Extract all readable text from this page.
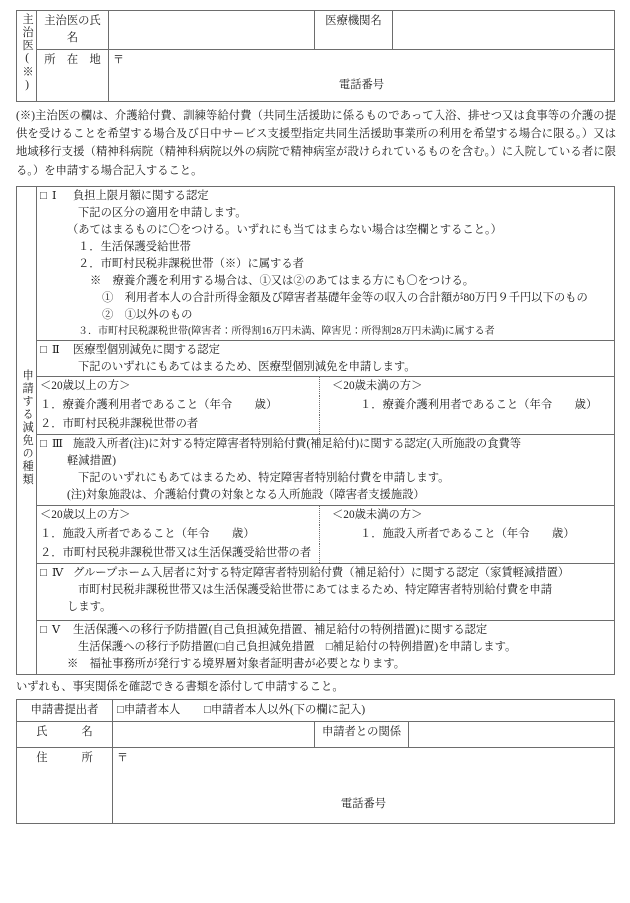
主治医(※)	主治医の氏名		医療機関名	
	所　在　地	〒
電話番号		

(※)主治医の欄は、介護給付費、訓練等給付費（共同生活援助に係るものであって入浴、排せつ又は食事等の介護の提供を受けることを希望する場合及び日中サービス支援型指定共同生活援助事業所の利用を希望する場合に限る。）又は地域移行支援（精神科病院（精神科病院以外の病院で精神病室が設けられているものを含む。）に入院している者に限る。）を申請する場合記入すること。

申請する減免の種類	
□ Ⅰ 負担上限月額に関する認定
下記の区分の適用を申請します。
（あてはまるものに〇をつける。いずれにも当てはまらない場合は空欄とすること。）
１．生活保護受給世帯
２．市町村民税非課税世帯（※）に属する者
※　療養介護を利用する場合は、①又は②のあてはまる方にも〇をつける。
①　利用者本人の合計所得金額及び障害者基礎年金等の収入の合計額が80万円９千円以下のもの
②　①以外のもの
３．市町村民税課税世帯(障害者：所得割16万円未満、障害児：所得割28万円未満)に属する者

	□ Ⅱ 医療型個別減免に関する認定
下記のいずれにもあてはまるため、医療型個別減免を申請します。	

	＜20歳以上の方＞	＜20歳未満の方＞
	１．療養介護利用者であること（年令　　歳）	１．療養介護利用者であること（年令　　歳）
	２．市町村民税非課税世帯の者	

	□ Ⅲ 施設入所者(注)に対する特定障害者特別給付費(補足給付)に関する認定(入所施設の食費等
軽減措置)
下記のいずれにもあてはまるため、特定障害者特別給付費を申請します。
(注)対象施設は、介護給付費の対象となる入所施設（障害者支援施設）	

	＜20歳以上の方＞	＜20歳未満の方＞
	１．施設入所者であること（年令　　歳）	１．施設入所者であること（年令　　歳）
	２．市町村民税非課税世帯又は生活保護受給世帯の者	

	□ Ⅳ グループホーム入居者に対する特定障害者特別給付費（補足給付）に関する認定（家賃軽減措置）
市町村民税非課税世帯又は生活保護受給世帯にあてはまるため、特定障害者特別給付費を申請
します。	

	□ Ⅴ 生活保護への移行予防措置(自己負担減免措置、補足給付の特例措置)に関する認定
生活保護への移行予防措置(□自己負担減免措置　□補足給付の特例措置)を申請します。
※　福祉事務所が発行する境界層対象者証明書が必要となります。	

いずれも、事実関係を確認できる書類を添付して申請すること。

申請書提出者	□申請者本人 □申請者本人以外(下の欄に記入)		
氏　　　名		申請者との関係	
住　　　所	〒
電話番号		
